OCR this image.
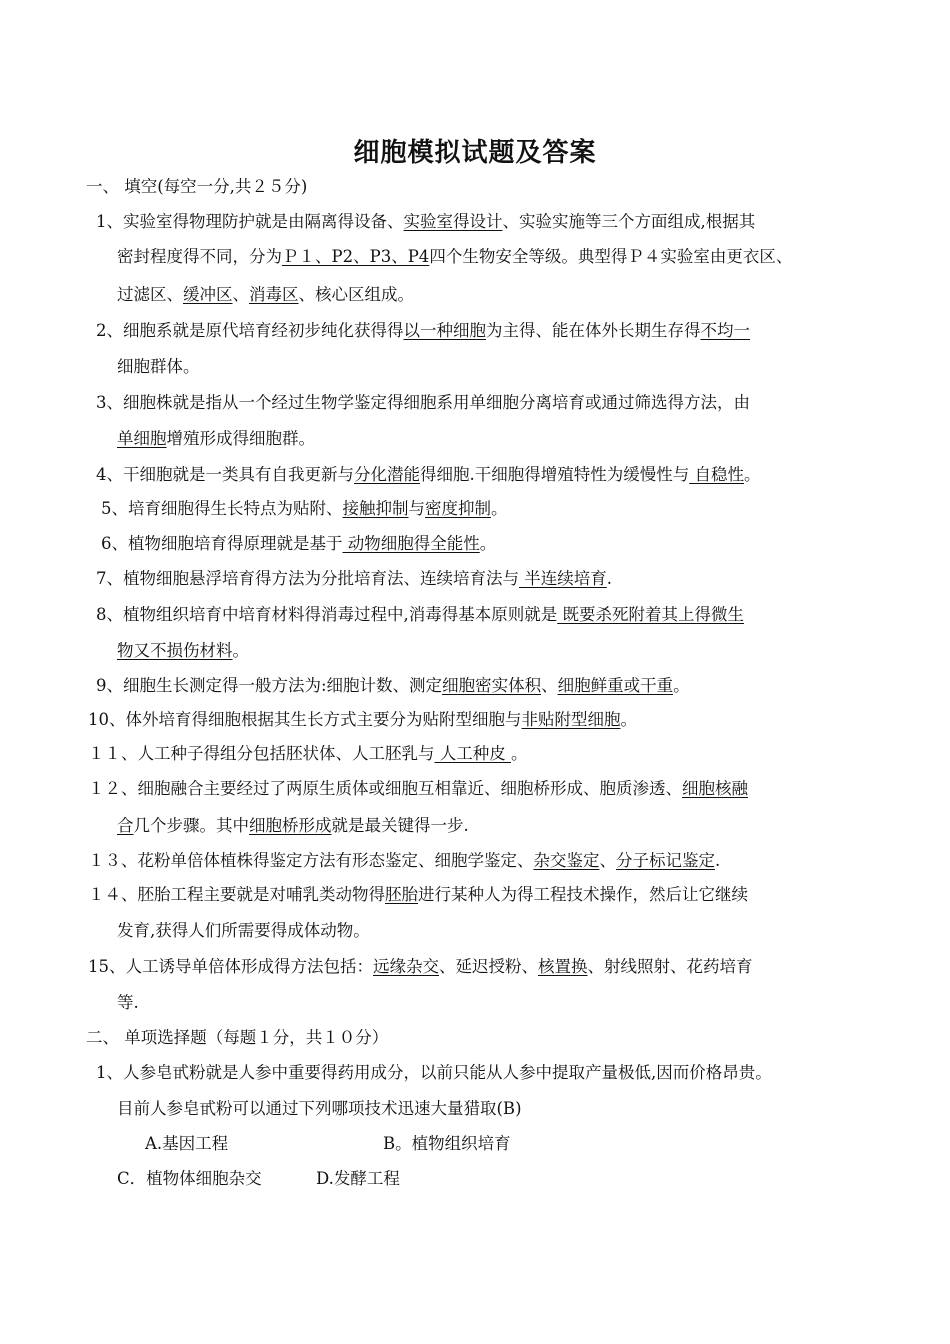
细胞模拟试题及答案
一、 填空(每空一分,共２５分)
1、实验室得物理防护就是由隔离得设备、实验室得设计、实验实施等三个方面组成,根据其
密封程度得不同，分为Ｐ１、P2、P3、P4四个生物安全等级。典型得Ｐ４实验室由更衣区、
过滤区、缓冲区、消毒区、核心区组成。
2、细胞系就是原代培育经初步纯化获得得以一种细胞为主得、能在体外长期生存得不均一
细胞群体。
3、细胞株就是指从一个经过生物学鉴定得细胞系用单细胞分离培育或通过筛选得方法，由
单细胞增殖形成得细胞群。
4、干细胞就是一类具有自我更新与分化潜能得细胞.干细胞得增殖特性为缓慢性与 自稳性。
5、培育细胞得生长特点为贴附、接触抑制与密度抑制。
6、植物细胞培育得原理就是基于 动物细胞得全能性。
7、植物细胞悬浮培育得方法为分批培育法、连续培育法与 半连续培育.
8、植物组织培育中培育材料得消毒过程中,消毒得基本原则就是 既要杀死附着其上得微生
物又不损伤材料。
9、细胞生长测定得一般方法为:细胞计数、测定细胞密实体积、细胞鲜重或干重。
10、体外培育得细胞根据其生长方式主要分为贴附型细胞与非贴附型细胞。
１１、人工种子得组分包括胚状体、人工胚乳与 人工种皮 。
１２、细胞融合主要经过了两原生质体或细胞互相靠近、细胞桥形成、胞质渗透、细胞核融
合几个步骤。其中细胞桥形成就是最关键得一步.
１３、花粉单倍体植株得鉴定方法有形态鉴定、细胞学鉴定、杂交鉴定、分子标记鉴定.
１４、胚胎工程主要就是对哺乳类动物得胚胎进行某种人为得工程技术操作，然后让它继续
发育,获得人们所需要得成体动物。
15、人工诱导单倍体形成得方法包括：远缘杂交、延迟授粉、核置换、射线照射、花药培育
等.
二、 单项选择题（每题１分，共１０分）
1、人参皂甙粉就是人参中重要得药用成分，以前只能从人参中提取产量极低,因而价格昂贵。
目前人参皂甙粉可以通过下列哪项技术迅速大量猎取(B)
A.基因工程	B。植物组织培育
C．植物体细胞杂交	D.发酵工程
